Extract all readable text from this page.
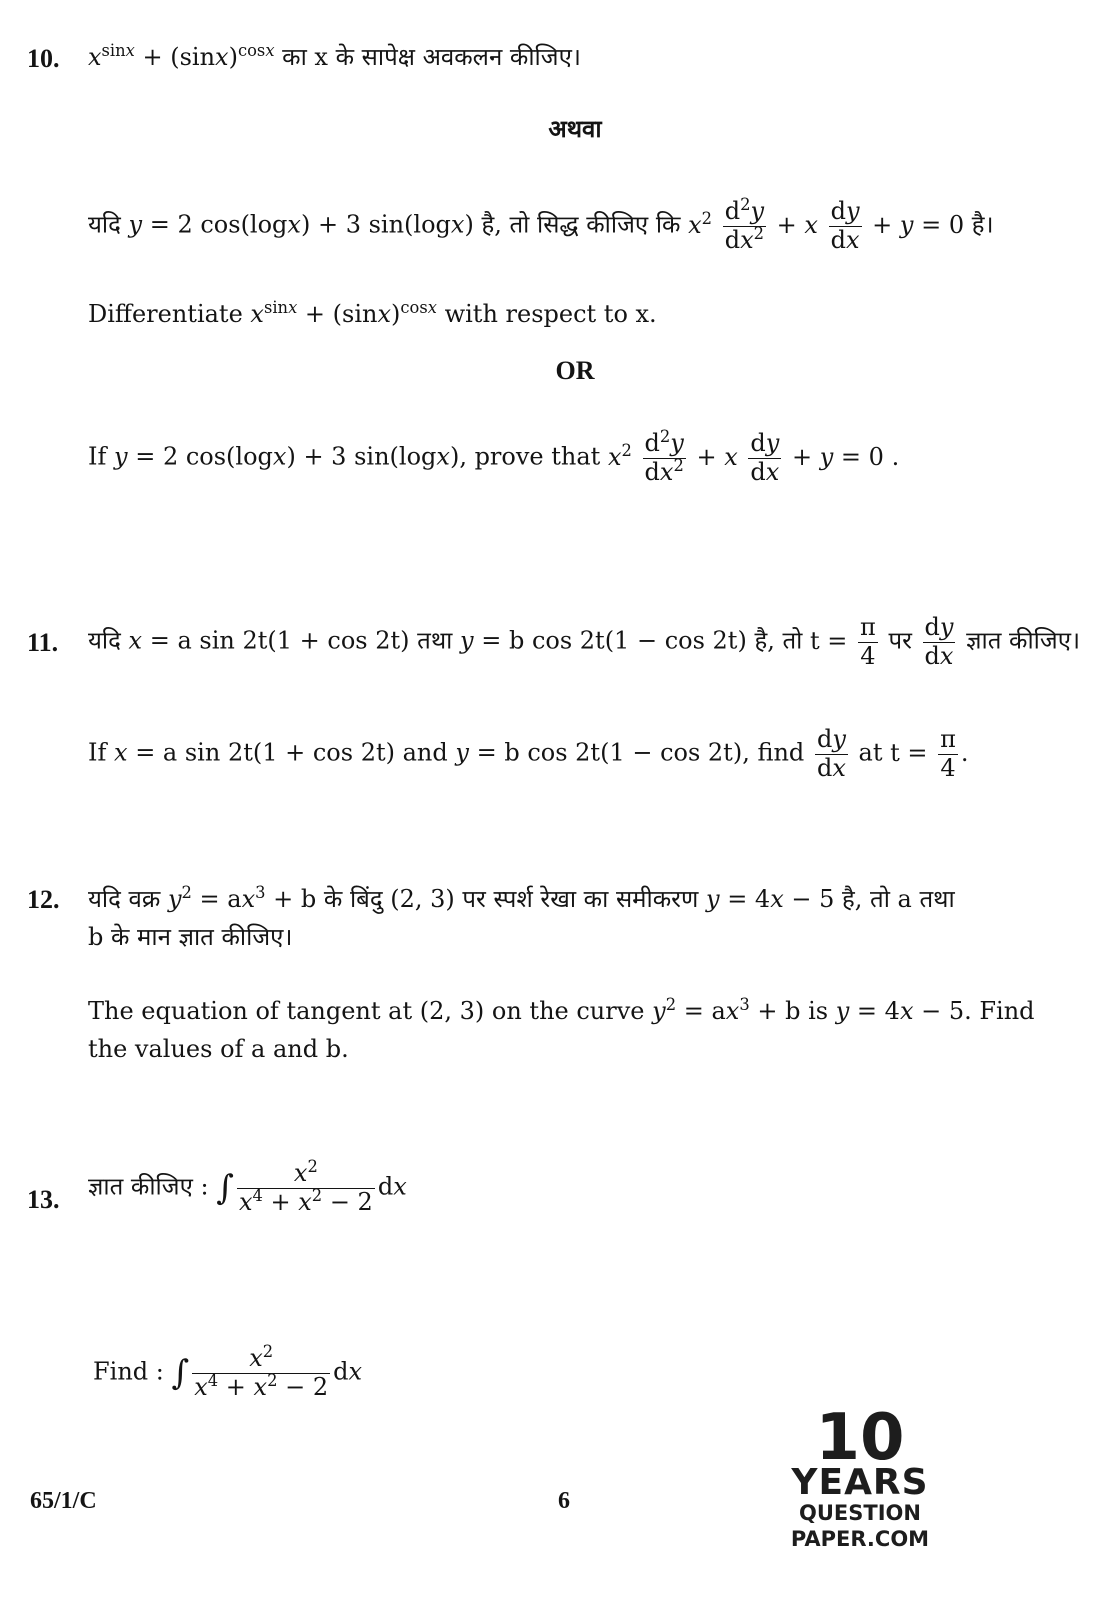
10. $x^{sinx} + (\sin x)^{cosx}$ का x के सापेक्ष अवकलन कीजिए।
अथवा
यदि y = 2 cos(logx) + 3 sin(logx) है, तो सिद्ध कीजिए कि $x^2 \frac{d^2y}{dx^2} + x \frac{dy}{dx} + y = 0$ है।
Differentiate $x^{sinx} + (\sin x)^{cosx}$ with respect to x.
OR
If y = 2 cos(logx) + 3 sin(logx), prove that $x^2 \frac{d^2y}{dx^2} + x \frac{dy}{dx} + y = 0$ .
11. यदि x = a sin 2t(1 + cos 2t) तथा y = b cos 2t(1 − cos 2t) है, तो $t = \frac{\pi}{4}$ पर $\frac{dy}{dx}$ ज्ञात कीजिए।
If x = a sin 2t(1 + cos 2t) and y = b cos 2t(1 − cos 2t), find $\frac{dy}{dx}$ at $t = \frac{\pi}{4}$ .
12. यदि वक्र $y^2 = ax^3 + b$ के बिंदु (2, 3) पर स्पर्श रेखा का समीकरण y = 4x − 5 है, तो a तथा
b के मान ज्ञात कीजिए।
The equation of tangent at (2, 3) on the curve $y^2 = ax^3 + b$ is y = 4x − 5. Find the values of a and b.
13. ज्ञात कीजिए : ∫ $\frac{x^2}{x^4 + x^2 - 2}$ dx
Find : ∫ $\frac{x^2}{x^4 + x^2 - 2}$ dx
65/1/C	6
10
YEARS
QUESTION PAPER.COM
